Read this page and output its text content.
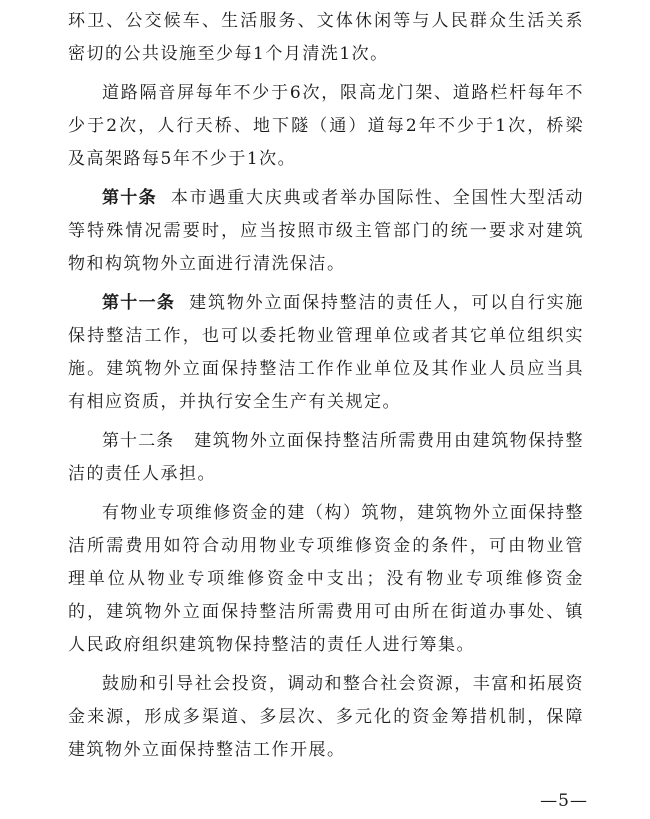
环卫、公交候车、生活服务、文体休闲等与人民群众生活关系密切的公共设施至少每1个月清洗1次。

道路隔音屏每年不少于6次，限高龙门架、道路栏杆每年不少于2次，人行天桥、地下隧（通）道每2年不少于1次，桥梁及高架路每5年不少于1次。

第十条 本市遇重大庆典或者举办国际性、全国性大型活动等特殊情况需要时，应当按照市级主管部门的统一要求对建筑物和构筑物外立面进行清洗保洁。

第十一条 建筑物外立面保持整洁的责任人，可以自行实施保持整洁工作，也可以委托物业管理单位或者其它单位组织实施。建筑物外立面保持整洁工作作业单位及其作业人员应当具有相应资质，并执行安全生产有关规定。

第十二条 建筑物外立面保持整洁所需费用由建筑物保持整洁的责任人承担。

有物业专项维修资金的建（构）筑物，建筑物外立面保持整洁所需费用如符合动用物业专项维修资金的条件，可由物业管理单位从物业专项维修资金中支出；没有物业专项维修资金的，建筑物外立面保持整洁所需费用可由所在街道办事处、镇人民政府组织建筑物保持整洁的责任人进行筹集。

鼓励和引导社会投资，调动和整合社会资源，丰富和拓展资金来源，形成多渠道、多层次、多元化的资金筹措机制，保障建筑物外立面保持整洁工作开展。

—5—
